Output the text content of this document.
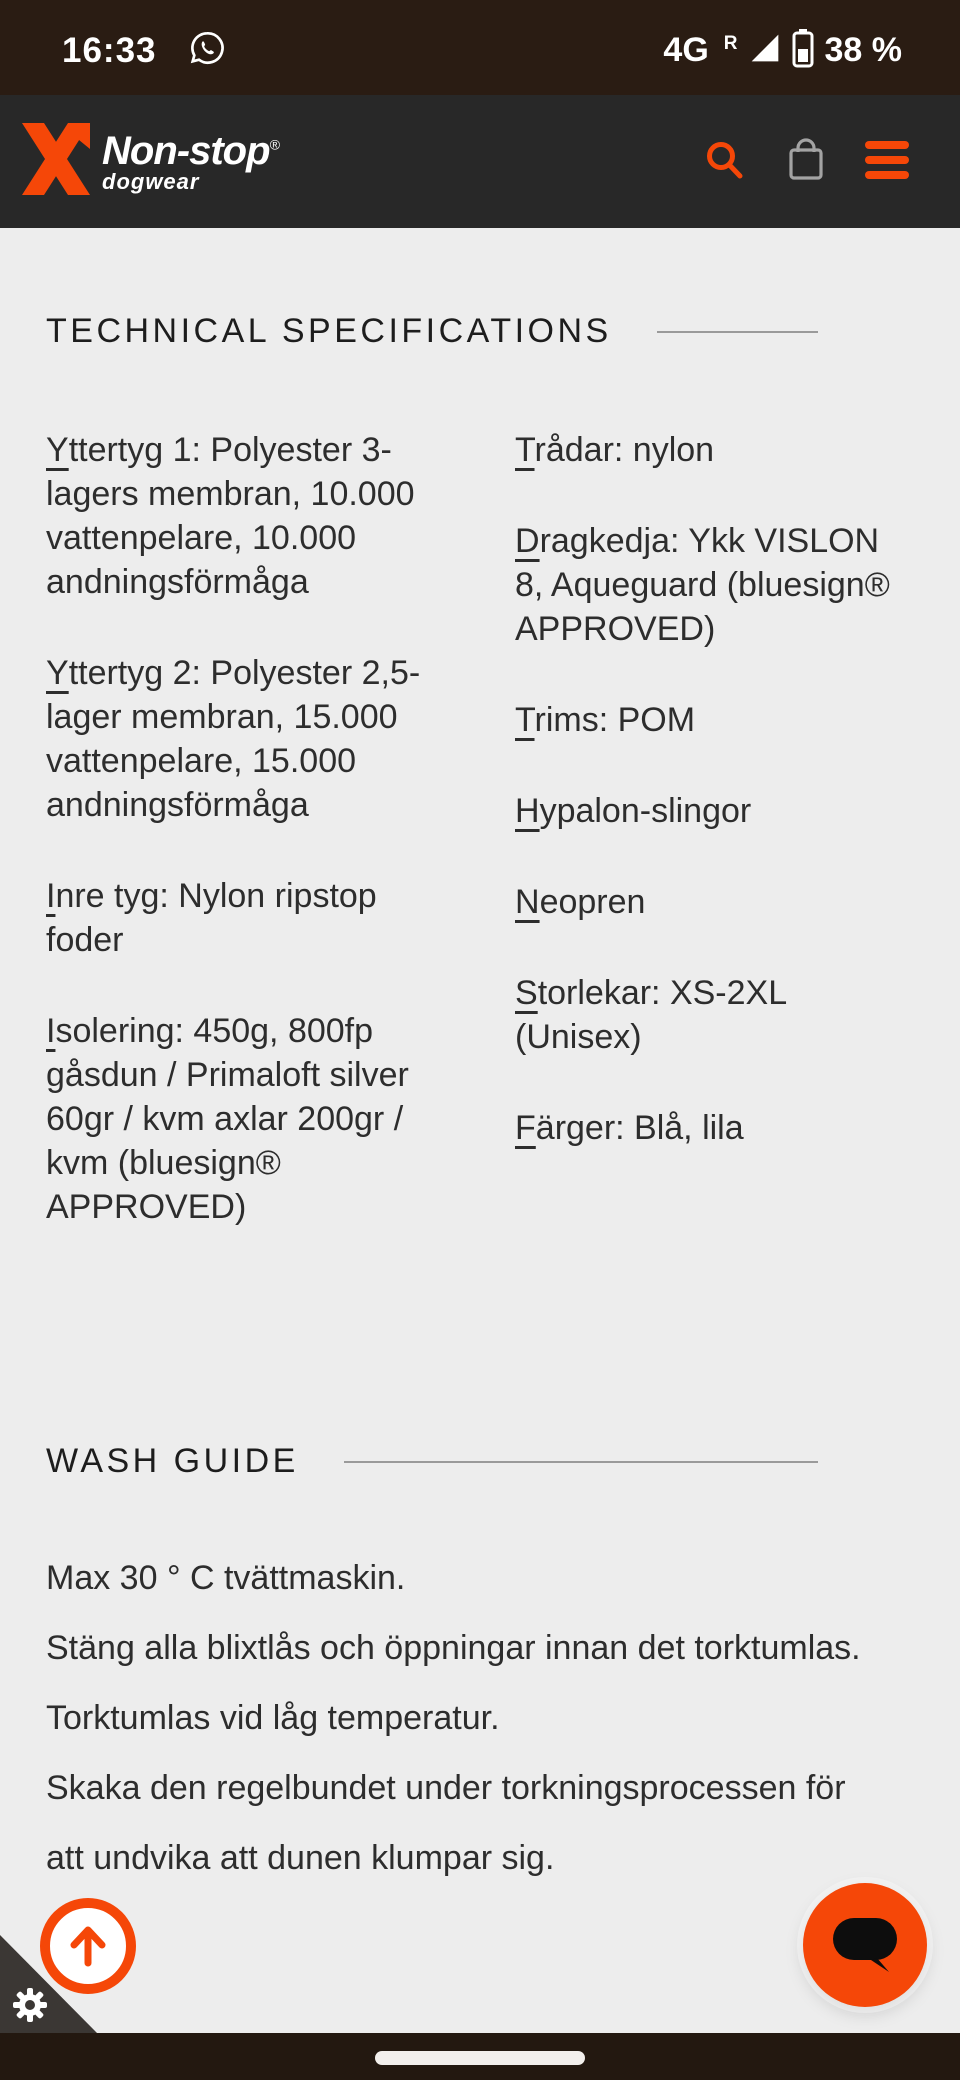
16:33	4G R	38 %
Non-stop®
dogwear
TECHNICAL SPECIFICATIONS

Yttertyg 1: Polyester 3-lagers membran, 10.000 vattenpelare, 10.000 andningsförmåga

Yttertyg 2: Polyester 2,5-lager membran, 15.000 vattenpelare, 15.000 andningsförmåga

Inre tyg: Nylon ripstop foder

Isolering: 450g, 800fp gåsdun / Primaloft silver 60gr / kvm axlar 200gr / kvm (bluesign® APPROVED)

Trådar: nylon

Dragkedja: Ykk VISLON 8, Aqueguard (bluesign® APPROVED)

Trims: POM

Hypalon-slingor

Neopren

Storlekar: XS-2XL (Unisex)

Färger: Blå, lila

WASH GUIDE

Max 30 ° C tvättmaskin.

Stäng alla blixtlås och öppningar innan det torktumlas.

Torktumlas vid låg temperatur.

Skaka den regelbundet under torkningsprocessen för att undvika att dunen klumpar sig.
